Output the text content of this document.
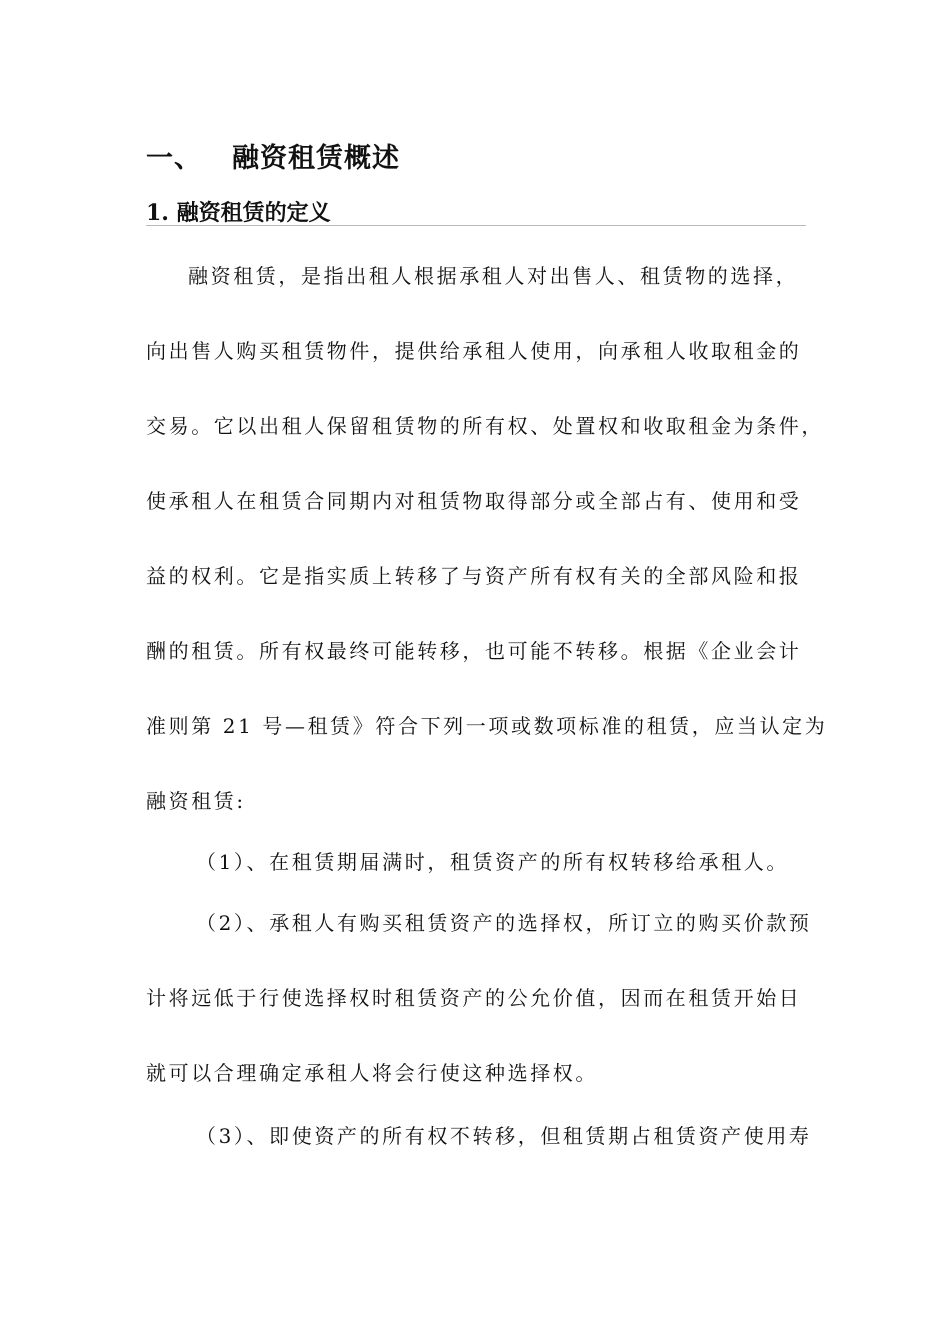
一、 融资租赁概述
1. 融资租赁的定义
融资租赁，是指出租人根据承租人对出售人、租赁物的选择，
向出售人购买租赁物件，提供给承租人使用，向承租人收取租金的
交易。它以出租人保留租赁物的所有权、处置权和收取租金为条件，
使承租人在租赁合同期内对租赁物取得部分或全部占有、使用和受
益的权利。它是指实质上转移了与资产所有权有关的全部风险和报
酬的租赁。所有权最终可能转移，也可能不转移。根据《企业会计
准则第 21 号—租赁》符合下列一项或数项标准的租赁，应当认定为
融资租赁:
（1）、在租赁期届满时，租赁资产的所有权转移给承租人。
（2）、承租人有购买租赁资产的选择权，所订立的购买价款预
计将远低于行使选择权时租赁资产的公允价值，因而在租赁开始日
就可以合理确定承租人将会行使这种选择权。
（3）、即使资产的所有权不转移，但租赁期占租赁资产使用寿
